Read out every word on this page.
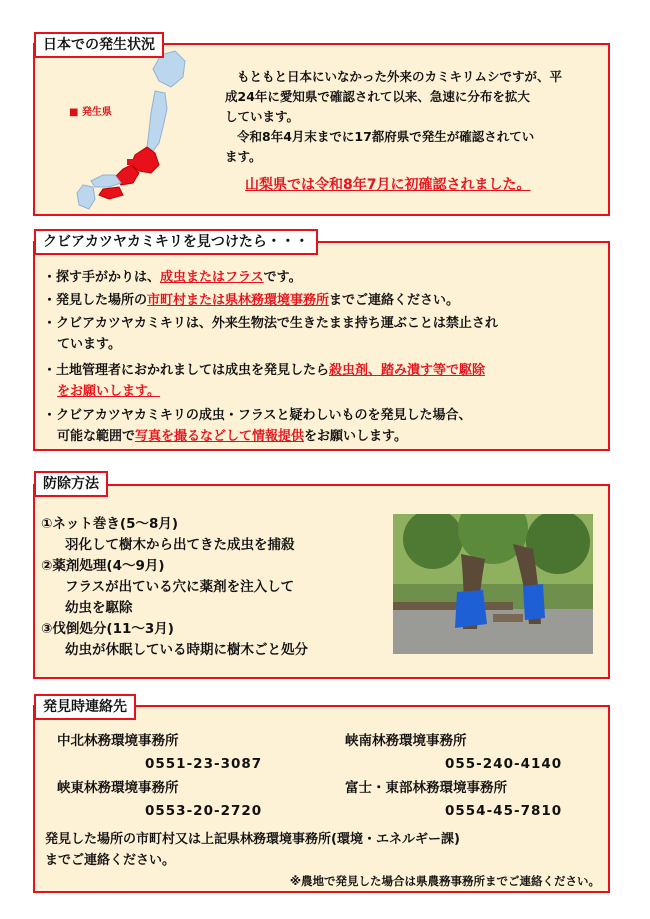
日本での発生状況
■ 発生県
もともと日本にいなかった外来のカミキリムシですが、平
成24年に愛知県で確認されて以来、急速に分布を拡大
しています。
令和8年4月末までに17都府県で発生が確認されてい
ます。
山梨県では令和8年7月に初確認されました。
クビアカツヤカミキリを見つけたら・・・
・探す手がかりは、成虫またはフラスです。
・発見した場所の市町村または県林務環境事務所までご連絡ください。
・クビアカツヤカミキリは、外来生物法で生きたまま持ち運ぶことは禁止され
ています。
・土地管理者におかれましては成虫を発見したら殺虫剤、踏み潰す等で駆除
をお願いします。
・クビアカツヤカミキリの成虫・フラスと疑わしいものを発見した場合、
可能な範囲で写真を撮るなどして情報提供をお願いします。
防除方法
①ネット巻き(5～8月)
羽化して樹木から出てきた成虫を捕殺
②薬剤処理(4～9月)
フラスが出ている穴に薬剤を注入して
幼虫を駆除
③伐倒処分(11～3月)
幼虫が休眠している時期に樹木ごと処分
発見時連絡先
中北林務環境事務所
0551-23-3087
峡南林務環境事務所
055-240-4140
峡東林務環境事務所
0553-20-2720
富士・東部林務環境事務所
0554-45-7810
発見した場所の市町村又は上記県林務環境事務所(環境・エネルギー課)
までご連絡ください。
※農地で発見した場合は県農務事務所までご連絡ください。
